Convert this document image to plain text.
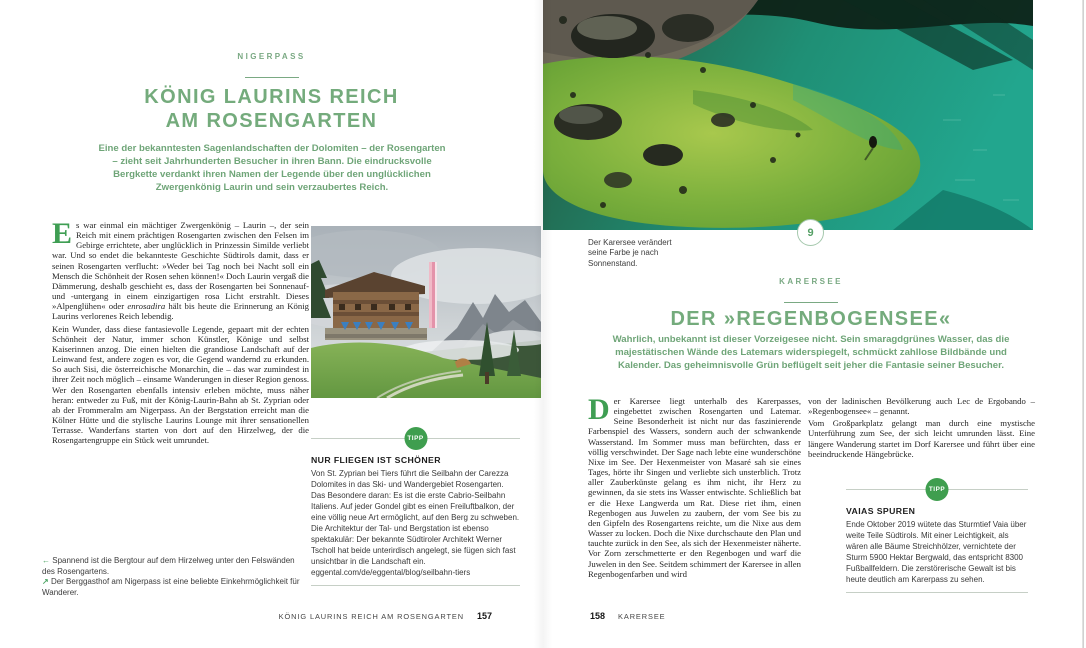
NIGERPASS
KÖNIG LAURINS REICH
AM ROSENGARTEN

Eine der bekanntesten Sagenlandschaften der Dolomiten – der Rosengarten – zieht seit Jahrhunderten Besucher in ihren Bann. Die eindrucksvolle Bergkette verdankt ihren Namen der Legende über den unglücklichen Zwergenkönig Laurin und sein verzaubertes Reich.

Es war einmal ein mächtiger Zwergenkönig – Laurin –, der sein Reich mit einem prächtigen Rosengarten zwischen den Felsen im Gebirge errichtete, aber unglücklich in Prinzessin Similde verliebt war. Und so endet die bekannteste Geschichte Südtirols damit, dass er seinen Rosengarten verflucht: »Weder bei Tag noch bei Nacht soll ein Mensch die Schönheit der Rosen sehen können!« Doch Laurin vergaß die Dämmerung, deshalb geschieht es, dass der Rosengarten bei Sonnenauf- und -untergang in einem einzigartigen rosa Licht erstrahlt. Dieses »Alpenglühen« oder enrosadira hält bis heute die Erinnerung an König Laurins verlorenes Reich lebendig.

Kein Wunder, dass diese fantasievolle Legende, gepaart mit der echten Schönheit der Natur, immer schon Künstler, Könige und selbst Kaiserinnen anzog. Die einen hielten die grandiose Landschaft auf der Leinwand fest, andere zogen es vor, die Gegend wandernd zu erkunden. So auch Sisi, die österreichische Monarchin, die – das war zumindest in ihrer Zeit noch möglich – einsame Wanderungen in dieser Region genoss. Wer den Rosengarten ebenfalls intensiv erleben möchte, muss näher heran: entweder zu Fuß, mit der König-Laurin-Bahn ab St. Zyprian oder ab der Frommeralm am Nigerpass. An der Bergstation erreicht man die Kölner Hütte und die stylische Laurins Lounge mit ihrer sensationellen Terrasse. Wanderfans starten von dort auf den Hirzelweg, der die Rosengartengruppe ein Stück weit umrundet.	TIPP
NUR FLIEGEN IST SCHÖNER

Von St. Zyprian bei Tiers führt die Seilbahn der Carezza Dolomites in das Ski- und Wandergebiet Rosengarten. Das Besondere daran: Es ist die erste Cabrio-Seilbahn Italiens. Auf jeder Gondel gibt es einen Freiluftbalkon, der eine völlig neue Art ermöglicht, auf den Berg zu schweben. Die Architektur der Tal- und Bergstation ist ebenso spektakulär: Der bekannte Südtiroler Architekt Werner Tscholl hat beide unterirdisch angelegt, sie fügen sich fast unsichtbar in die Landschaft ein.

eggental.com/de/eggental/blog/seilbahn-tiers

← Spannend ist die Bergtour auf dem Hirzelweg unter den Felswänden des Rosengartens.

↗ Der Berggasthof am Nigerpass ist eine beliebte Einkehrmöglichkeit für Wanderer.

KÖNIG LAURINS REICH AM ROSENGARTEN 157
9

Der Karersee verändert seine Farbe je nach Sonnenstand.

KARERSEE
DER »REGENBOGENSEE«

Wahrlich, unbekannt ist dieser Vorzeigesee nicht. Sein smaragdgrünes Wasser, das die majestätischen Wände des Latemars widerspiegelt, schmückt zahllose Bildbände und Kalender. Das geheimnisvolle Grün beflügelt seit jeher die Fantasie seiner Besucher.

Der Karersee liegt unterhalb des Karerpasses, eingebettet zwischen Rosengarten und Latemar. Seine Besonderheit ist nicht nur das faszinierende Farbenspiel des Wassers, sondern auch der schwankende Wasserstand. Im Sommer muss man befürchten, dass er völlig verschwindet. Der Sage nach lebte eine wunderschöne Nixe im See. Der Hexenmeister von Masaré sah sie eines Tages, hörte ihr Singen und verliebte sich unsterblich. Trotz aller Zauberkünste gelang es ihm nicht, ihr Herz zu gewinnen, da sie stets ins Wasser entwischte. Schließlich bat er die Hexe Langwerda um Rat. Diese riet ihm, einen Regenbogen aus Juwelen zu zaubern, der vom See bis zu den Gipfeln des Rosengartens reichte, um die Nixe aus dem Wasser zu locken. Doch die Nixe durchschaute den Plan und tauchte zurück in den See, als sich der Hexenmeister näherte. Vor Zorn zerschmetterte er den Regenbogen und warf die Juwelen in den See. Seitdem schimmert der Karersee in allen Regenbogenfarben und wird

von der ladinischen Bevölkerung auch Lec de Ergobando – »Regenbogensee« – genannt.

Vom Großparkplatz gelangt man durch eine mystische Unterführung zum See, der sich leicht umrunden lässt. Eine längere Wanderung startet im Dorf Karersee und führt über eine beeindruckende Hängebrücke.

TIPP
VAIAS SPUREN

Ende Oktober 2019 wütete das Sturmtief Vaia über weite Teile Südtirols. Mit einer Leichtigkeit, als wären alle Bäume Streichhölzer, vernichtete der Sturm 5900 Hektar Bergwald, das entspricht 8300 Fußballfeldern. Die zerstörerische Gewalt ist bis heute deutlich am Karerpass zu sehen.

158 KARERSEE
